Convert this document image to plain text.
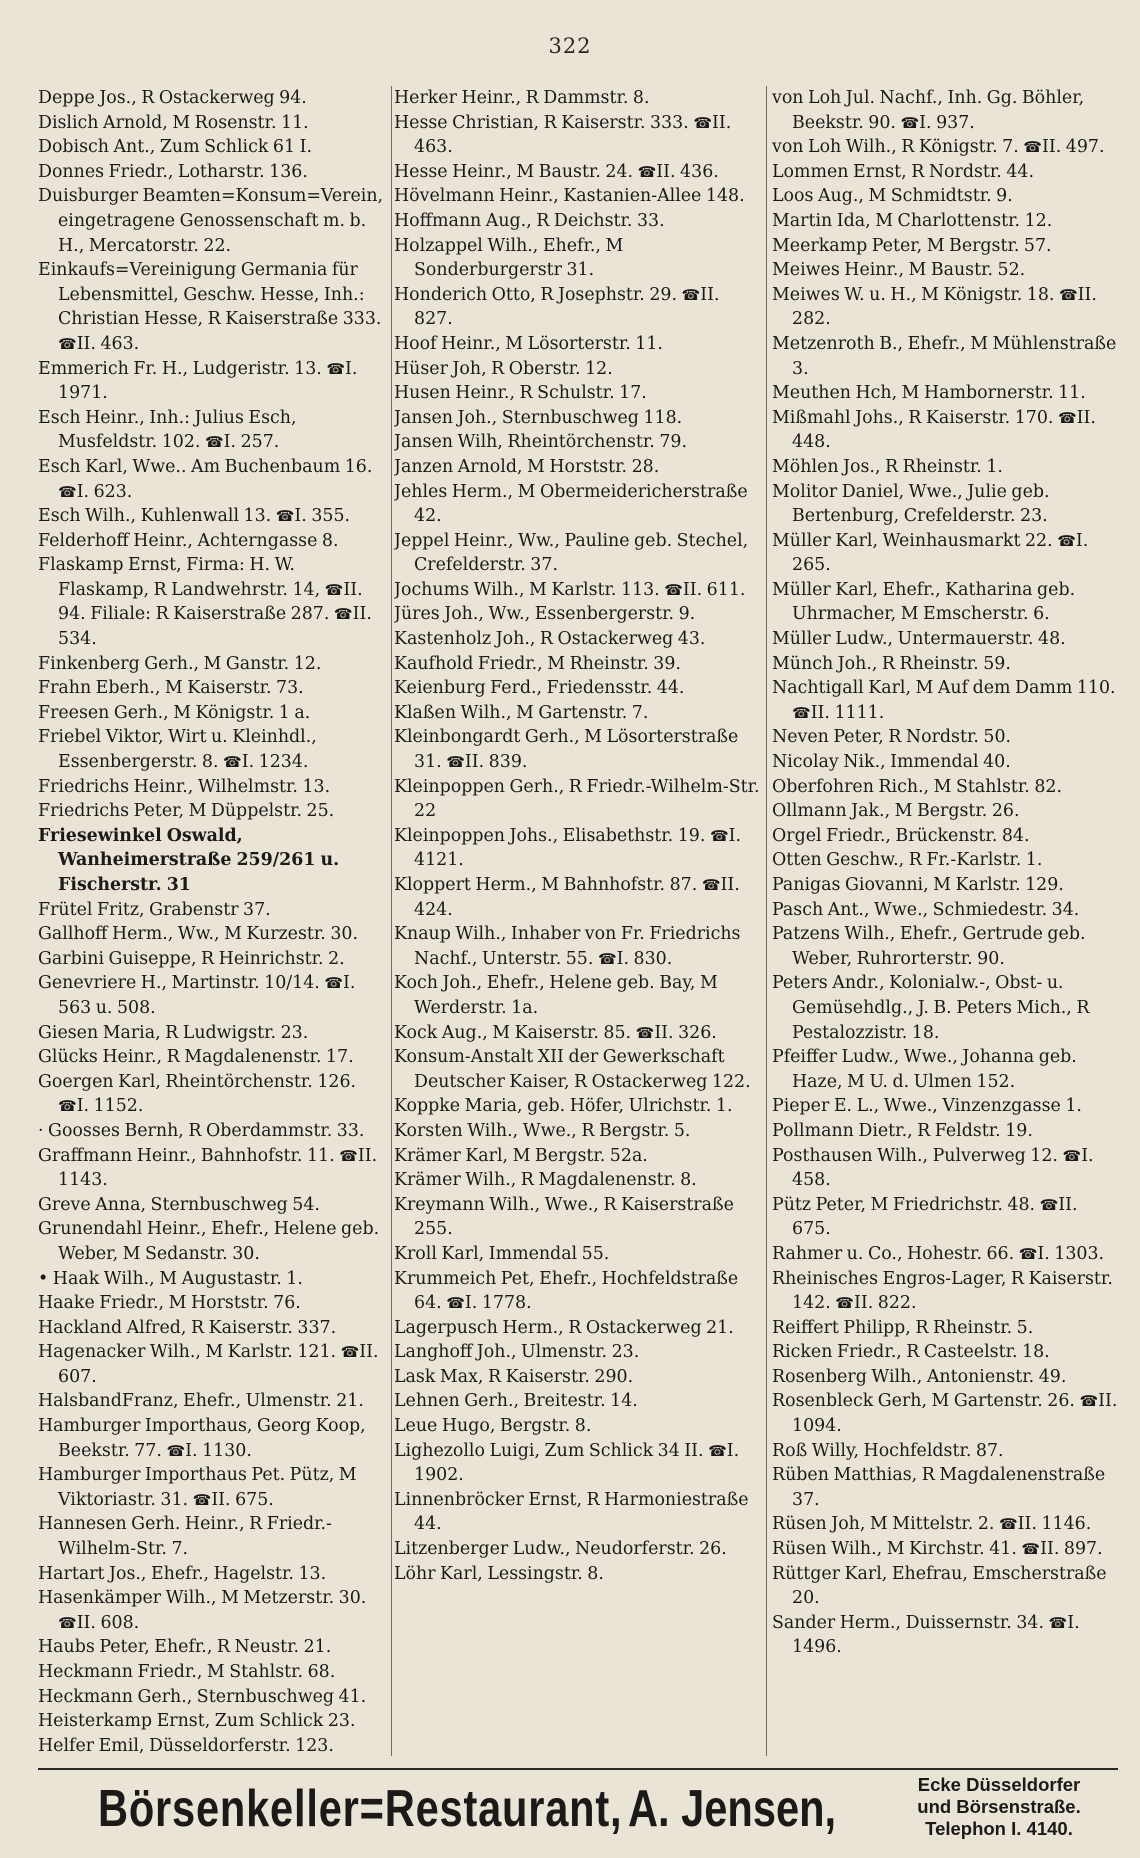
322

Deppe Jos., R Ostackerweg 94.

Dislich Arnold, M Rosenstr. 11.

Dobisch Ant., Zum Schlick 61 I.

Donnes Friedr., Lotharstr. 136.

Duisburger Beamten=Konsum=Verein, eingetragene Genossenschaft m. b. H., Mercatorstr. 22.

Einkaufs=Vereinigung Germania für Lebensmittel, Geschw. Hesse, Inh.: Christian Hesse, R Kaiserstraße 333. ☎ II. 463.

Emmerich Fr. H., Ludgeristr. 13. ☎ I. 1971.

Esch Heinr., Inh.: Julius Esch, Musfeldstr. 102. ☎ I. 257.

Esch Karl, Wwe.. Am Buchenbaum 16. ☎ I. 623.

Esch Wilh., Kuhlenwall 13. ☎ I. 355.

Felderhoff Heinr., Achterngasse 8.

Flaskamp Ernst, Firma: H. W. Flaskamp, R Landwehrstr. 14, ☎ II. 94. Filiale: R Kaiserstraße 287. ☎ II. 534.

Finkenberg Gerh., M Ganstr. 12.

Frahn Eberh., M Kaiserstr. 73.

Freesen Gerh., M Königstr. 1 a.

Friebel Viktor, Wirt u. Kleinhdl., Essenbergerstr. 8. ☎ I. 1234.

Friedrichs Heinr., Wilhelmstr. 13.

Friedrichs Peter, M Düppelstr. 25.

Friesewinkel Oswald, Wanheimerstraße 259/261 u. Fischerstr. 31

Frütel Fritz, Grabenstr 37.

Gallhoff Herm., Ww., M Kurzestr. 30.

Garbini Guiseppe, R Heinrichstr. 2.

Genevriere H., Martinstr. 10/14. ☎ I. 563 u. 508.

Giesen Maria, R Ludwigstr. 23.

Glücks Heinr., R Magdalenenstr. 17.

Goergen Karl, Rheintörchenstr. 126. ☎ I. 1152.

· Goosses Bernh, R Oberdammstr. 33.

Graffmann Heinr., Bahnhofstr. 11. ☎ II. 1143.

Greve Anna, Sternbuschweg 54.

Grunendahl Heinr., Ehefr., Helene geb. Weber, M Sedanstr. 30.

• Haak Wilh., M Augustastr. 1.

Haake Friedr., M Horststr. 76.

Hackland Alfred, R Kaiserstr. 337.

Hagenacker Wilh., M Karlstr. 121. ☎ II. 607.

HalsbandFranz, Ehefr., Ulmenstr. 21.

Hamburger Importhaus, Georg Koop, Beekstr. 77. ☎ I. 1130.

Hamburger Importhaus Pet. Pütz, M Viktoriastr. 31. ☎ II. 675.

Hannesen Gerh. Heinr., R Friedr.-Wilhelm-Str. 7.

Hartart Jos., Ehefr., Hagelstr. 13.

Hasenkämper Wilh., M Metzerstr. 30. ☎ II. 608.

Haubs Peter, Ehefr., R Neustr. 21.

Heckmann Friedr., M Stahlstr. 68.

Heckmann Gerh., Sternbuschweg 41.

Heisterkamp Ernst, Zum Schlick 23.

Helfer Emil, Düsseldorferstr. 123.

Herker Heinr., R Dammstr. 8.

Hesse Christian, R Kaiserstr. 333. ☎ II. 463.

Hesse Heinr., M Baustr. 24. ☎ II. 436.

Hövelmann Heinr., Kastanien-Allee 148.

Hoffmann Aug., R Deichstr. 33.

Holzappel Wilh., Ehefr., M Sonderburgerstr 31.

Honderich Otto, R Josephstr. 29. ☎ II. 827.

Hoof Heinr., M Lösorterstr. 11.

Hüser Joh, R Oberstr. 12.

Husen Heinr., R Schulstr. 17.

Jansen Joh., Sternbuschweg 118.

Jansen Wilh, Rheintörchenstr. 79.

Janzen Arnold, M Horststr. 28.

Jehles Herm., M Obermeidericherstraße 42.

Jeppel Heinr., Ww., Pauline geb. Stechel, Crefelderstr. 37.

Jochums Wilh., M Karlstr. 113. ☎ II. 611.

Jüres Joh., Ww., Essenbergerstr. 9.

Kastenholz Joh., R Ostackerweg 43.

Kaufhold Friedr., M Rheinstr. 39.

Keienburg Ferd., Friedensstr. 44.

Klaßen Wilh., M Gartenstr. 7.

Kleinbongardt Gerh., M Lösorterstraße 31. ☎ II. 839.

Kleinpoppen Gerh., R Friedr.-Wilhelm-Str. 22

Kleinpoppen Johs., Elisabethstr. 19. ☎ I. 4121.

Kloppert Herm., M Bahnhofstr. 87. ☎ II. 424.

Knaup Wilh., Inhaber von Fr. Friedrichs Nachf., Unterstr. 55. ☎ I. 830.

Koch Joh., Ehefr., Helene geb. Bay, M Werderstr. 1a.

Kock Aug., M Kaiserstr. 85. ☎ II. 326.

Konsum-Anstalt XII der Gewerkschaft Deutscher Kaiser, R Ostackerweg 122.

Koppke Maria, geb. Höfer, Ulrichstr. 1.

Korsten Wilh., Wwe., R Bergstr. 5.

Krämer Karl, M Bergstr. 52a.

Krämer Wilh., R Magdalenenstr. 8.

Kreymann Wilh., Wwe., R Kaiserstraße 255.

Kroll Karl, Immendal 55.

Krummeich Pet, Ehefr., Hochfeldstraße 64. ☎ I. 1778.

Lagerpusch Herm., R Ostackerweg 21.

Langhoff Joh., Ulmenstr. 23.

Lask Max, R Kaiserstr. 290.

Lehnen Gerh., Breitestr. 14.

Leue Hugo, Bergstr. 8.

Lighezollo Luigi, Zum Schlick 34 II. ☎ I. 1902.

Linnenbröcker Ernst, R Harmoniestraße 44.

Litzenberger Ludw., Neudorferstr. 26.

Löhr Karl, Lessingstr. 8.

von Loh Jul. Nachf., Inh. Gg. Böhler, Beekstr. 90. ☎ I. 937.

von Loh Wilh., R Königstr. 7. ☎ II. 497.

Lommen Ernst, R Nordstr. 44.

Loos Aug., M Schmidtstr. 9.

Martin Ida, M Charlottenstr. 12.

Meerkamp Peter, M Bergstr. 57.

Meiwes Heinr., M Baustr. 52.

Meiwes W. u. H., M Königstr. 18. ☎ II. 282.

Metzenroth B., Ehefr., M Mühlenstraße 3.

Meuthen Hch, M Hambornerstr. 11.

Mißmahl Johs., R Kaiserstr. 170. ☎ II. 448.

Möhlen Jos., R Rheinstr. 1.

Molitor Daniel, Wwe., Julie geb. Bertenburg, Crefelderstr. 23.

Müller Karl, Weinhausmarkt 22. ☎ I. 265.

Müller Karl, Ehefr., Katharina geb. Uhrmacher, M Emscherstr. 6.

Müller Ludw., Untermauerstr. 48.

Münch Joh., R Rheinstr. 59.

Nachtigall Karl, M Auf dem Damm 110. ☎ II. 1111.

Neven Peter, R Nordstr. 50.

Nicolay Nik., Immendal 40.

Oberfohren Rich., M Stahlstr. 82.

Ollmann Jak., M Bergstr. 26.

Orgel Friedr., Brückenstr. 84.

Otten Geschw., R Fr.-Karlstr. 1.

Panigas Giovanni, M Karlstr. 129.

Pasch Ant., Wwe., Schmiedestr. 34.

Patzens Wilh., Ehefr., Gertrude geb. Weber, Ruhrorterstr. 90.

Peters Andr., Kolonialw.-, Obst- u. Gemüsehdlg., J. B. Peters Mich., R Pestalozzistr. 18.

Pfeiffer Ludw., Wwe., Johanna geb. Haze, M U. d. Ulmen 152.

Pieper E. L., Wwe., Vinzenzgasse 1.

Pollmann Dietr., R Feldstr. 19.

Posthausen Wilh., Pulverweg 12. ☎ I. 458.

Pütz Peter, M Friedrichstr. 48. ☎ II. 675.

Rahmer u. Co., Hohestr. 66. ☎ I. 1303.

Rheinisches Engros-Lager, R Kaiserstr. 142. ☎ II. 822.

Reiffert Philipp, R Rheinstr. 5.

Ricken Friedr., R Casteelstr. 18.

Rosenberg Wilh., Antonienstr. 49.

Rosenbleck Gerh, M Gartenstr. 26. ☎ II. 1094.

Roß Willy, Hochfeldstr. 87.

Rüben Matthias, R Magdalenenstraße 37.

Rüsen Joh, M Mittelstr. 2. ☎ II. 1146.

Rüsen Wilh., M Kirchstr. 41. ☎ II. 897.

Rüttger Karl, Ehefrau, Emscherstraße 20.

Sander Herm., Duissernstr. 34. ☎ I. 1496.

Börsenkeller=Restaurant, A. Jensen,	Ecke Düsseldorfer
und Börsenstraße.
Telephon I. 4140.
